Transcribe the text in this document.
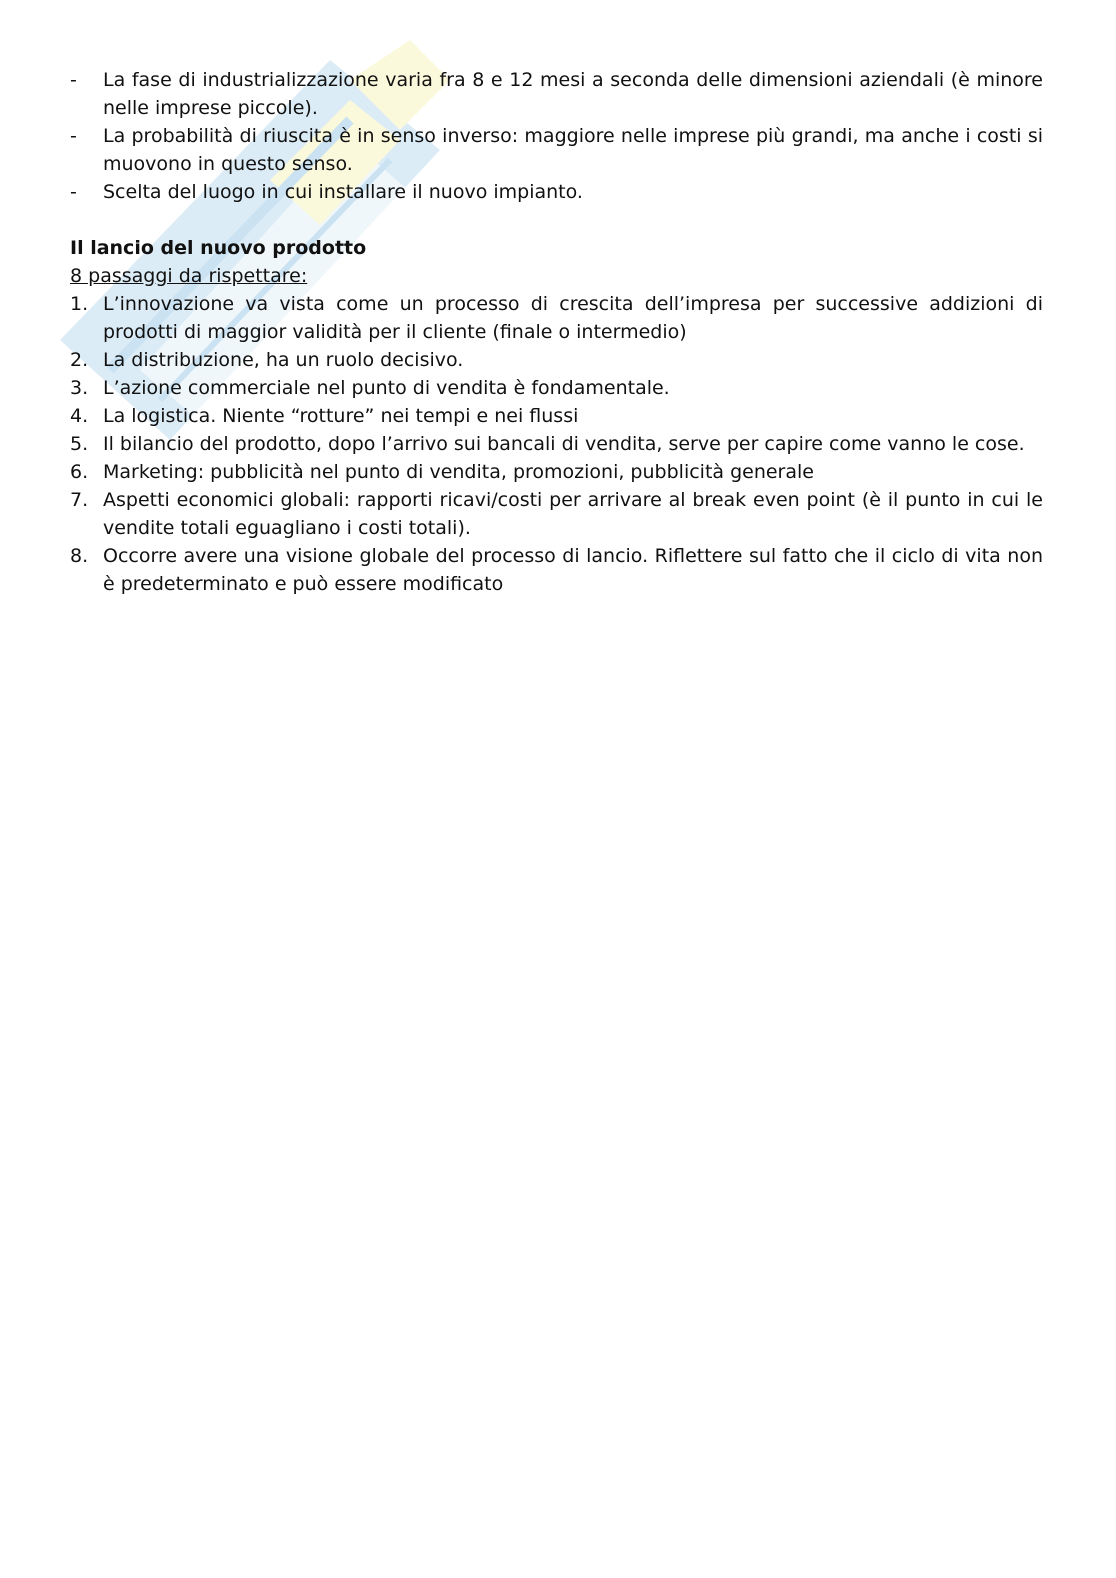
-	La fase di industrializzazione varia fra 8 e 12 mesi a seconda delle dimensioni aziendali (è minore nelle imprese piccole).
-	La probabilità di riuscita è in senso inverso: maggiore nelle imprese più grandi, ma anche i costi si muovono in questo senso.
-	Scelta del luogo in cui installare il nuovo impianto.
Il lancio del nuovo prodotto
8 passaggi da rispettare:
1. L’innovazione va vista come un processo di crescita dell’impresa per successive addizioni di prodotti di maggior validità per il cliente (finale o intermedio)
2. La distribuzione, ha un ruolo decisivo.
3. L’azione commerciale nel punto di vendita è fondamentale.
4. La logistica. Niente “rotture” nei tempi e nei flussi
5. Il bilancio del prodotto, dopo l’arrivo sui bancali di vendita, serve per capire come vanno le cose.
6. Marketing: pubblicità nel punto di vendita, promozioni, pubblicità generale
7. Aspetti economici globali: rapporti ricavi/costi per arrivare al break even point (è il punto in cui le vendite totali eguagliano i costi totali).
8. Occorre avere una visione globale del processo di lancio. Riflettere sul fatto che il ciclo di vita non è predeterminato e può essere modificato
